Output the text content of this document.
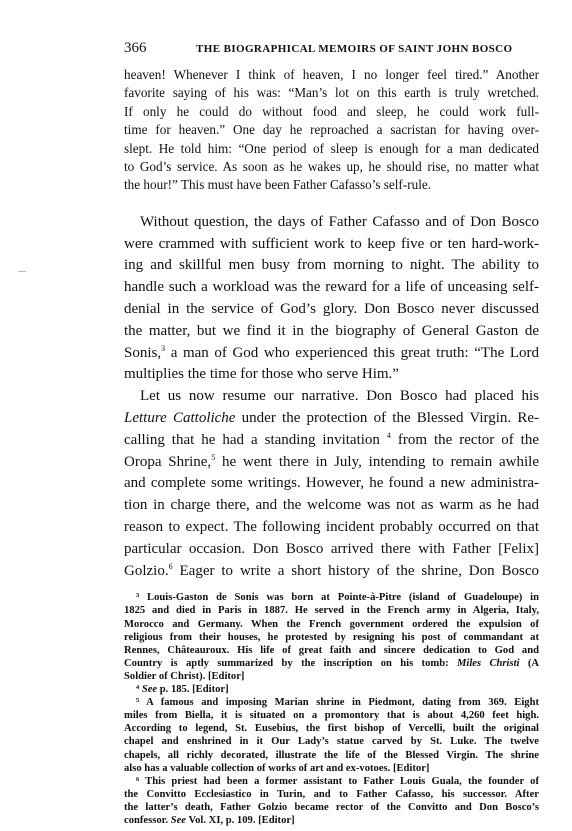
366	THE BIOGRAPHICAL MEMOIRS OF SAINT JOHN BOSCO
heaven! Whenever I think of heaven, I no longer feel tired.” Another
favorite saying of his was: “Man’s lot on this earth is truly wretched.
If only he could do without food and sleep, he could work full-
time for heaven.” One day he reproached a sacristan for having over-
slept. He told him: “One period of sleep is enough for a man dedicated
to God’s service. As soon as he wakes up, he should rise, no matter what
the hour!” This must have been Father Cafasso’s self-rule.

Without question, the days of Father Cafasso and of Don Bosco
were crammed with sufficient work to keep five or ten hard-work-
ing and skillful men busy from morning to night. The ability to
handle such a workload was the reward for a life of unceasing self-
denial in the service of God’s glory. Don Bosco never discussed
the matter, but we find it in the biography of General Gaston de
Sonis,$^3$ a man of God who experienced this great truth: “The Lord
multiplies the time for those who serve Him.”

Let us now resume our narrative. Don Bosco had placed his
Letture Cattoliche under the protection of the Blessed Virgin. Re-
calling that he had a standing invitation $^4$ from the rector of the
Oropa Shrine,$^5$ he went there in July, intending to remain awhile
and complete some writings. However, he found a new administra-
tion in charge there, and the welcome was not as warm as he had
reason to expect. The following incident probably occurred on that
particular occasion. Don Bosco arrived there with Father [Felix]
Golzio.$^6$ Eager to write a short history of the shrine, Don Bosco

³ Louis-Gaston de Sonis was born at Pointe-à-Pitre (island of Guadeloupe) in
1825 and died in Paris in 1887. He served in the French army in Algeria, Italy,
Morocco and Germany. When the French government ordered the expulsion of
religious from their houses, he protested by resigning his post of commandant at
Rennes, Châteauroux. His life of great faith and sincere dedication to God and
Country is aptly summarized by the inscription on his tomb: Miles Christi (A
Soldier of Christ). [Editor]
⁴ See p. 185. [Editor]
⁵ A famous and imposing Marian shrine in Piedmont, dating from 369. Eight
miles from Biella, it is situated on a promontory that is about 4,260 feet high.
According to legend, St. Eusebius, the first bishop of Vercelli, built the original
chapel and enshrined in it Our Lady’s statue carved by St. Luke. The twelve
chapels, all richly decorated, illustrate the life of the Blessed Virgin. The shrine
also has a valuable collection of works of art and ex-votoes. [Editor]
⁶ This priest had been a former assistant to Father Louis Guala, the founder of
the Convitto Ecclesiastico in Turin, and to Father Cafasso, his successor. After
the latter’s death, Father Golzio became rector of the Convitto and Don Bosco’s
confessor. See Vol. XI, p. 109. [Editor]
